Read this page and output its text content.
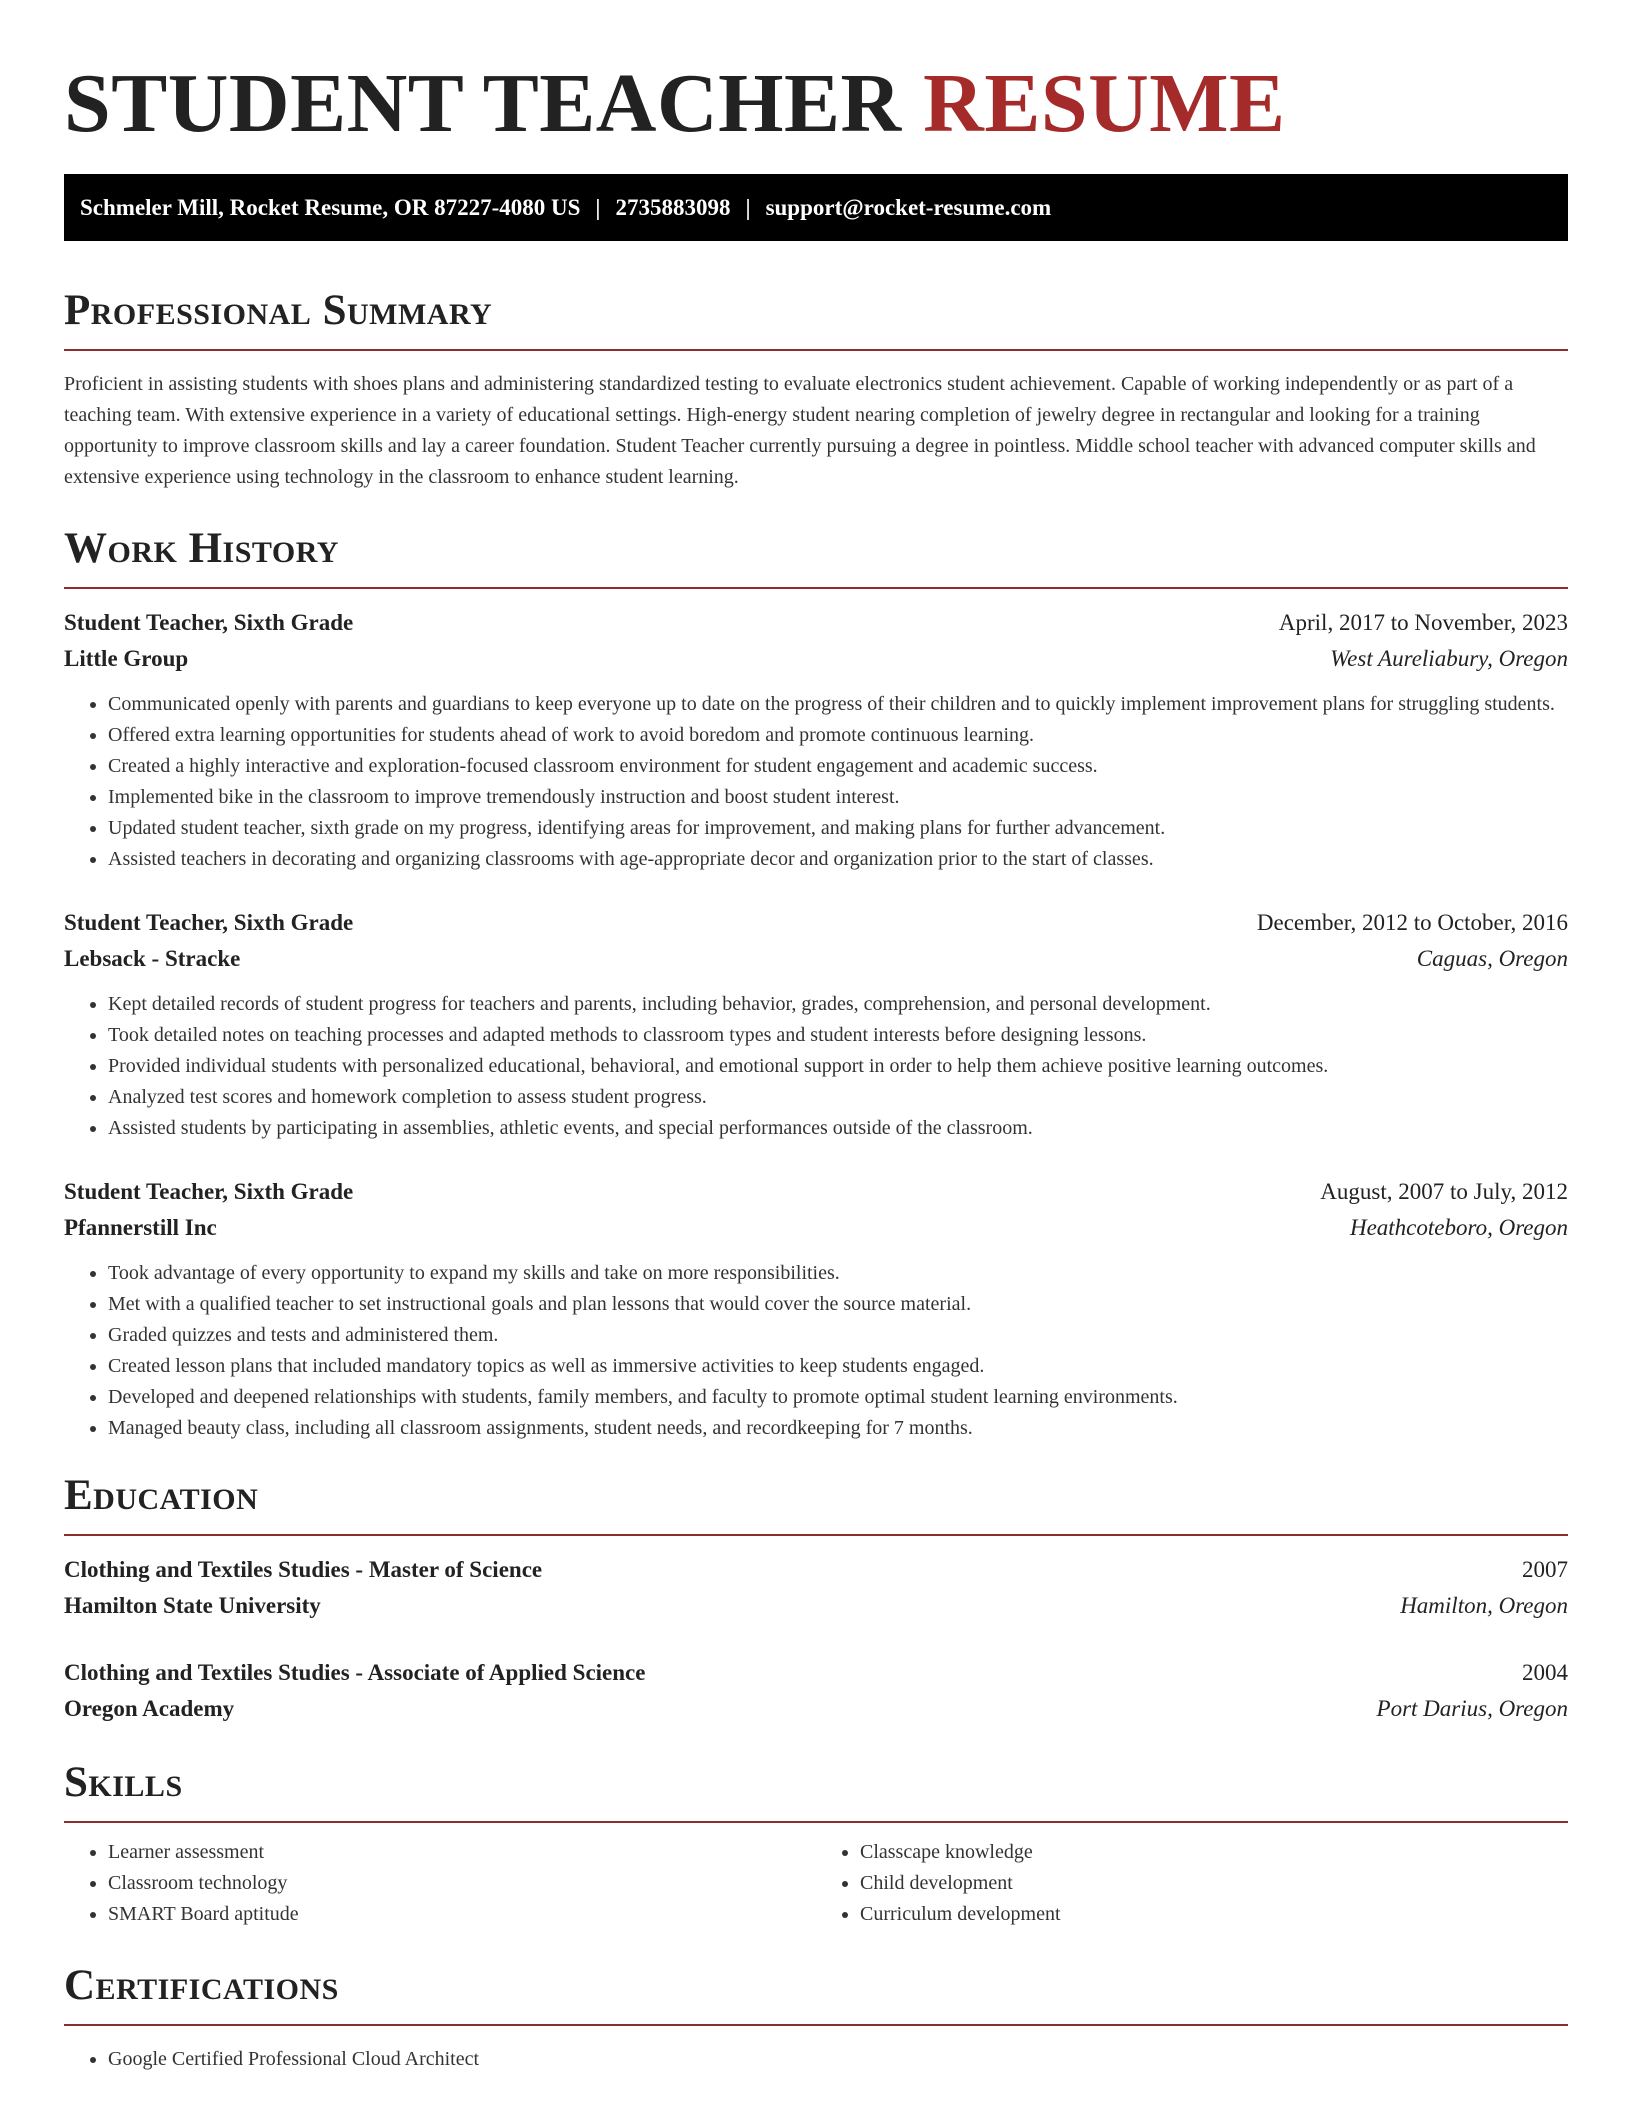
STUDENT TEACHER RESUME
Schmeler Mill, Rocket Resume, OR 87227-4080 US | 2735883098 | support@rocket-resume.com
Professional Summary

Proficient in assisting students with shoes plans and administering standardized testing to evaluate electronics student achievement. Capable of working independently or as part of a teaching team. With extensive experience in a variety of educational settings. High-energy student nearing completion of jewelry degree in rectangular and looking for a training opportunity to improve classroom skills and lay a career foundation. Student Teacher currently pursuing a degree in pointless. Middle school teacher with advanced computer skills and extensive experience using technology in the classroom to enhance student learning.

Work History
Student Teacher, Sixth Grade	April, 2017 to November, 2023
Little Group	West Aureliabury, Oregon
• Communicated openly with parents and guardians to keep everyone up to date on the progress of their children and to quickly implement improvement plans for struggling students.
• Offered extra learning opportunities for students ahead of work to avoid boredom and promote continuous learning.
• Created a highly interactive and exploration-focused classroom environment for student engagement and academic success.
• Implemented bike in the classroom to improve tremendously instruction and boost student interest.
• Updated student teacher, sixth grade on my progress, identifying areas for improvement, and making plans for further advancement.
• Assisted teachers in decorating and organizing classrooms with age-appropriate decor and organization prior to the start of classes.
Student Teacher, Sixth Grade	December, 2012 to October, 2016
Lebsack - Stracke	Caguas, Oregon
• Kept detailed records of student progress for teachers and parents, including behavior, grades, comprehension, and personal development.
• Took detailed notes on teaching processes and adapted methods to classroom types and student interests before designing lessons.
• Provided individual students with personalized educational, behavioral, and emotional support in order to help them achieve positive learning outcomes.
• Analyzed test scores and homework completion to assess student progress.
• Assisted students by participating in assemblies, athletic events, and special performances outside of the classroom.
Student Teacher, Sixth Grade	August, 2007 to July, 2012
Pfannerstill Inc	Heathcoteboro, Oregon
• Took advantage of every opportunity to expand my skills and take on more responsibilities.
• Met with a qualified teacher to set instructional goals and plan lessons that would cover the source material.
• Graded quizzes and tests and administered them.
• Created lesson plans that included mandatory topics as well as immersive activities to keep students engaged.
• Developed and deepened relationships with students, family members, and faculty to promote optimal student learning environments.
• Managed beauty class, including all classroom assignments, student needs, and recordkeeping for 7 months.
Education
Clothing and Textiles Studies - Master of Science	2007
Hamilton State University	Hamilton, Oregon
Clothing and Textiles Studies - Associate of Applied Science	2004
Oregon Academy	Port Darius, Oregon
Skills
• Learner assessment
• Classroom technology
• SMART Board aptitude
• Classcape knowledge
• Child development
• Curriculum development
Certifications
• Google Certified Professional Cloud Architect
